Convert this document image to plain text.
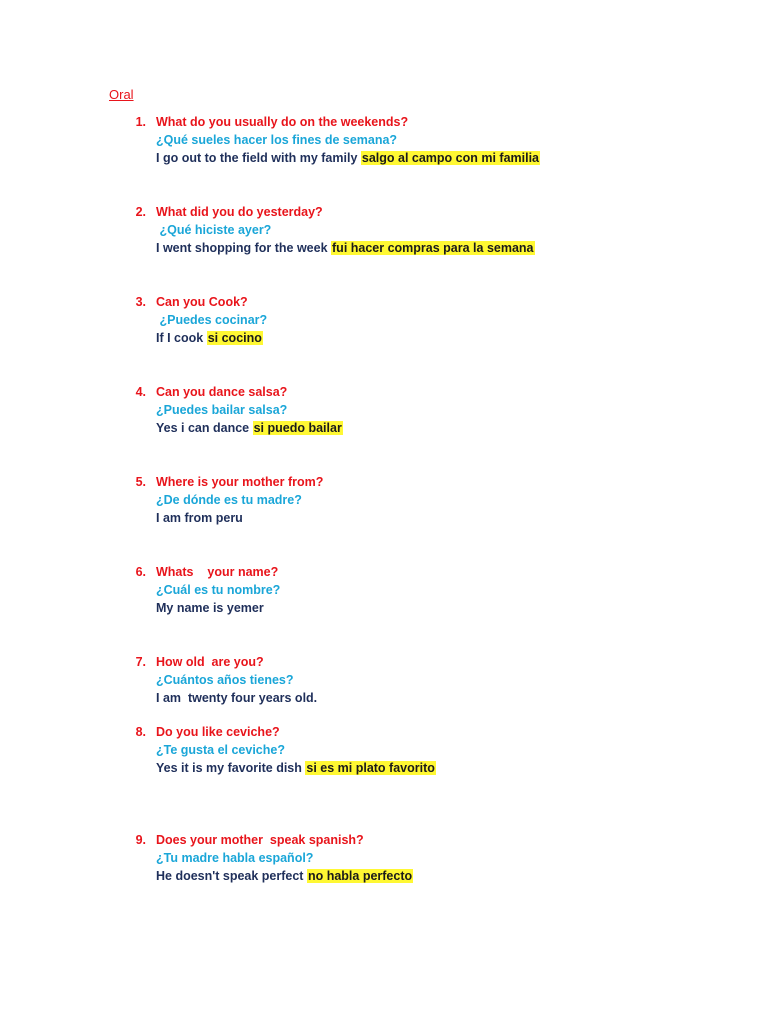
Oral
1. What do you usually do on the weekends?
¿Qué sueles hacer los fines de semana?
I go out to the field with my family salgo al campo con mi familia
2. What did you do yesterday?
¿Qué hiciste ayer?
I went shopping for the week fui hacer compras para la semana
3. Can you Cook?
¿Puedes cocinar?
If I cook si cocino
4. Can you dance salsa?
¿Puedes bailar salsa?
Yes i can dance si puedo bailar
5. Where is your mother from?
¿De dónde es tu madre?
I am from peru
6. Whats    your name?
¿Cuál es tu nombre?
My name is yemer
7. How old  are you?
¿Cuántos años tienes?
I am  twenty four years old.
8. Do you like ceviche?
¿Te gusta el ceviche?
Yes it is my favorite dish si es mi plato favorito
9. Does your mother  speak spanish?
¿Tu madre habla español?
He doesn't speak perfect no habla perfecto
